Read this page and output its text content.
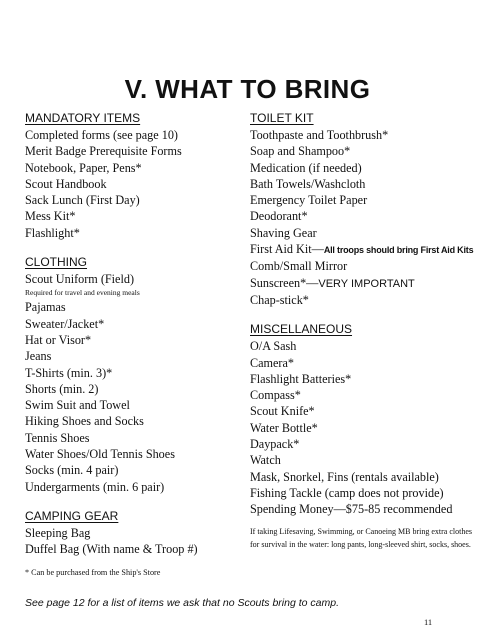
V. WHAT TO BRING
MANDATORY ITEMS
Completed forms (see page 10)
Merit Badge Prerequisite Forms
Notebook, Paper, Pens*
Scout Handbook
Sack Lunch (First Day)
Mess Kit*
Flashlight*
CLOTHING
Scout Uniform (Field)
Required for travel and evening meals
Pajamas
Sweater/Jacket*
Hat or Visor*
Jeans
T-Shirts (min. 3)*
Shorts (min. 2)
Swim Suit and Towel
Hiking Shoes and Socks
Tennis Shoes
Water Shoes/Old Tennis Shoes
Socks (min. 4 pair)
Undergarments (min. 6 pair)
CAMPING GEAR
Sleeping Bag
Duffel Bag (With name & Troop #)
TOILET KIT
Toothpaste and Toothbrush*
Soap and Shampoo*
Medication (if needed)
Bath Towels/Washcloth
Emergency Toilet Paper
Deodorant*
Shaving Gear
First Aid Kit—All troops should bring First Aid Kits
Comb/Small Mirror
Sunscreen*—VERY IMPORTANT
Chap-stick*
MISCELLANEOUS
O/A Sash
Camera*
Flashlight Batteries*
Compass*
Scout Knife*
Water Bottle*
Daypack*
Watch
Mask, Snorkel, Fins (rentals available)
Fishing Tackle (camp does not provide)
Spending Money—$75-85 recommended
If taking Lifesaving, Swimming, or Canoeing MB bring extra clothes for survival in the water: long pants, long-sleeved shirt, socks, shoes.
* Can be purchased from the Ship's Store
See page 12 for a list of items we ask that no Scouts bring to camp.
11
